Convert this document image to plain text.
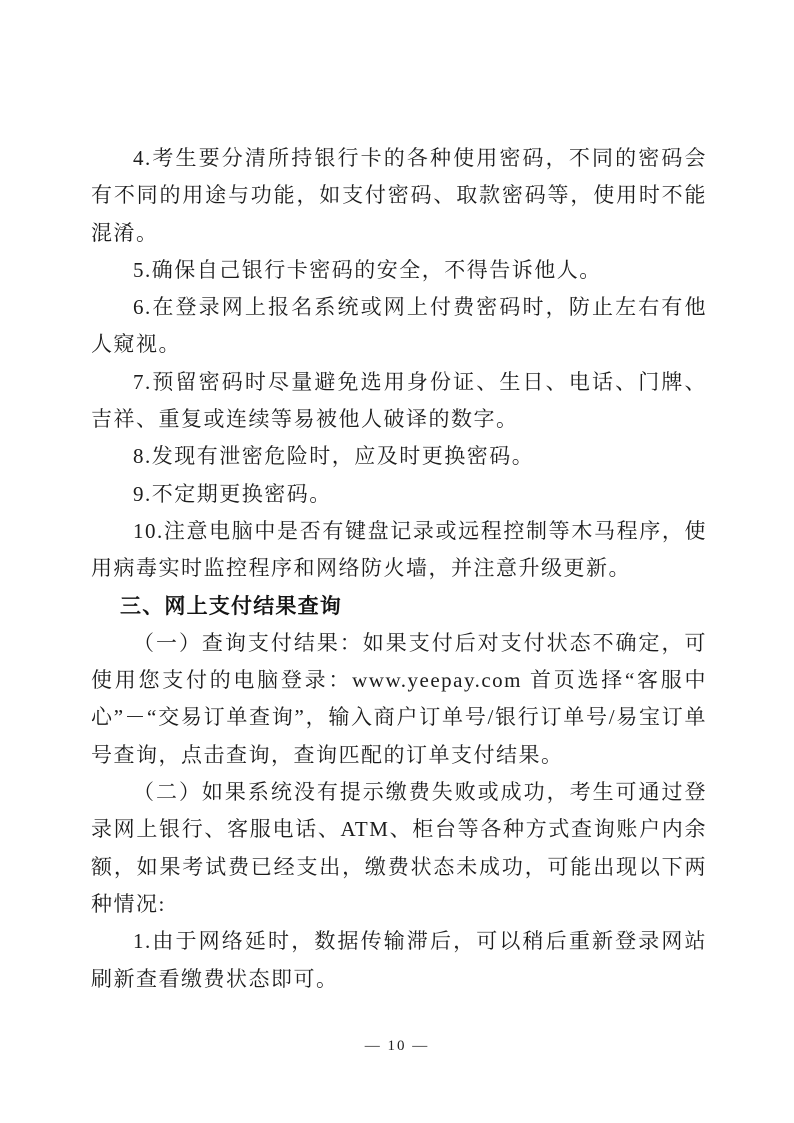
4.考生要分清所持银行卡的各种使用密码，不同的密码会有不同的用途与功能，如支付密码、取款密码等，使用时不能混淆。

5.确保自己银行卡密码的安全，不得告诉他人。

6.在登录网上报名系统或网上付费密码时，防止左右有他人窥视。

7.预留密码时尽量避免选用身份证、生日、电话、门牌、吉祥、重复或连续等易被他人破译的数字。

8.发现有泄密危险时，应及时更换密码。

9.不定期更换密码。

10.注意电脑中是否有键盘记录或远程控制等木马程序，使用病毒实时监控程序和网络防火墙，并注意升级更新。

三、网上支付结果查询

（一）查询支付结果：如果支付后对支付状态不确定，可使用您支付的电脑登录：www.yeepay.com 首页选择“客服中心”－“交易订单查询”，输入商户订单号/银行订单号/易宝订单号查询，点击查询，查询匹配的订单支付结果。

（二）如果系统没有提示缴费失败或成功，考生可通过登录网上银行、客服电话、ATM、柜台等各种方式查询账户内余额，如果考试费已经支出，缴费状态未成功，可能出现以下两种情况:

1.由于网络延时，数据传输滞后，可以稍后重新登录网站刷新查看缴费状态即可。

— 10 —
